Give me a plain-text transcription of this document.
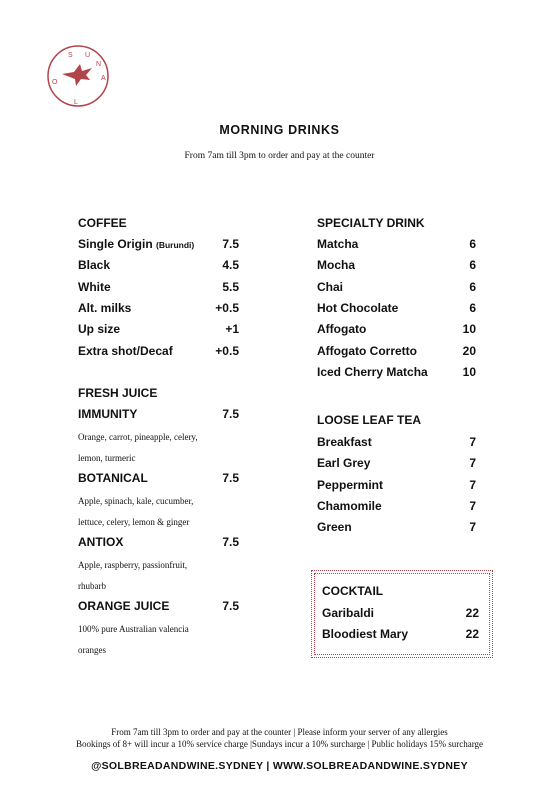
S U
N
A
L
O
MORNING DRINKS
From 7am till 3pm to order and pay at the counter
COFFEE
Single Origin (Burundi) 7.5
Black	4.5
White	5.5
Alt. milks	+0.5
Up size	+1
Extra shot/Decaf	+0.5
FRESH JUICE
IMMUNITY	7.5
Orange, carrot, pineapple, celery,
lemon, turmeric
BOTANICAL	7.5
Apple, spinach, kale, cucumber,
lettuce, celery, lemon & ginger
ANTIOX	7.5
Apple, raspberry, passionfruit,
rhubarb
ORANGE JUICE	7.5
100% pure Australian valencia
oranges
SPECIALTY DRINK
Matcha	6
Mocha	6
Chai	6
Hot Chocolate	6
Affogato	10
Affogato Corretto	20
Iced Cherry Matcha	10
LOOSE LEAF TEA
Breakfast	7
Earl Grey	7
Peppermint	7
Chamomile	7
Green	7
COCKTAIL
Garibaldi	22
Bloodiest Mary	22
From 7am till 3pm to order and pay at the counter | Please inform your server of any allergies
Bookings of 8+ will incur a 10% service charge |Sundays incur a 10% surcharge | Public holidays 15% surcharge
@SOLBREADANDWINE.SYDNEY | WWW.SOLBREADANDWINE.SYDNEY
